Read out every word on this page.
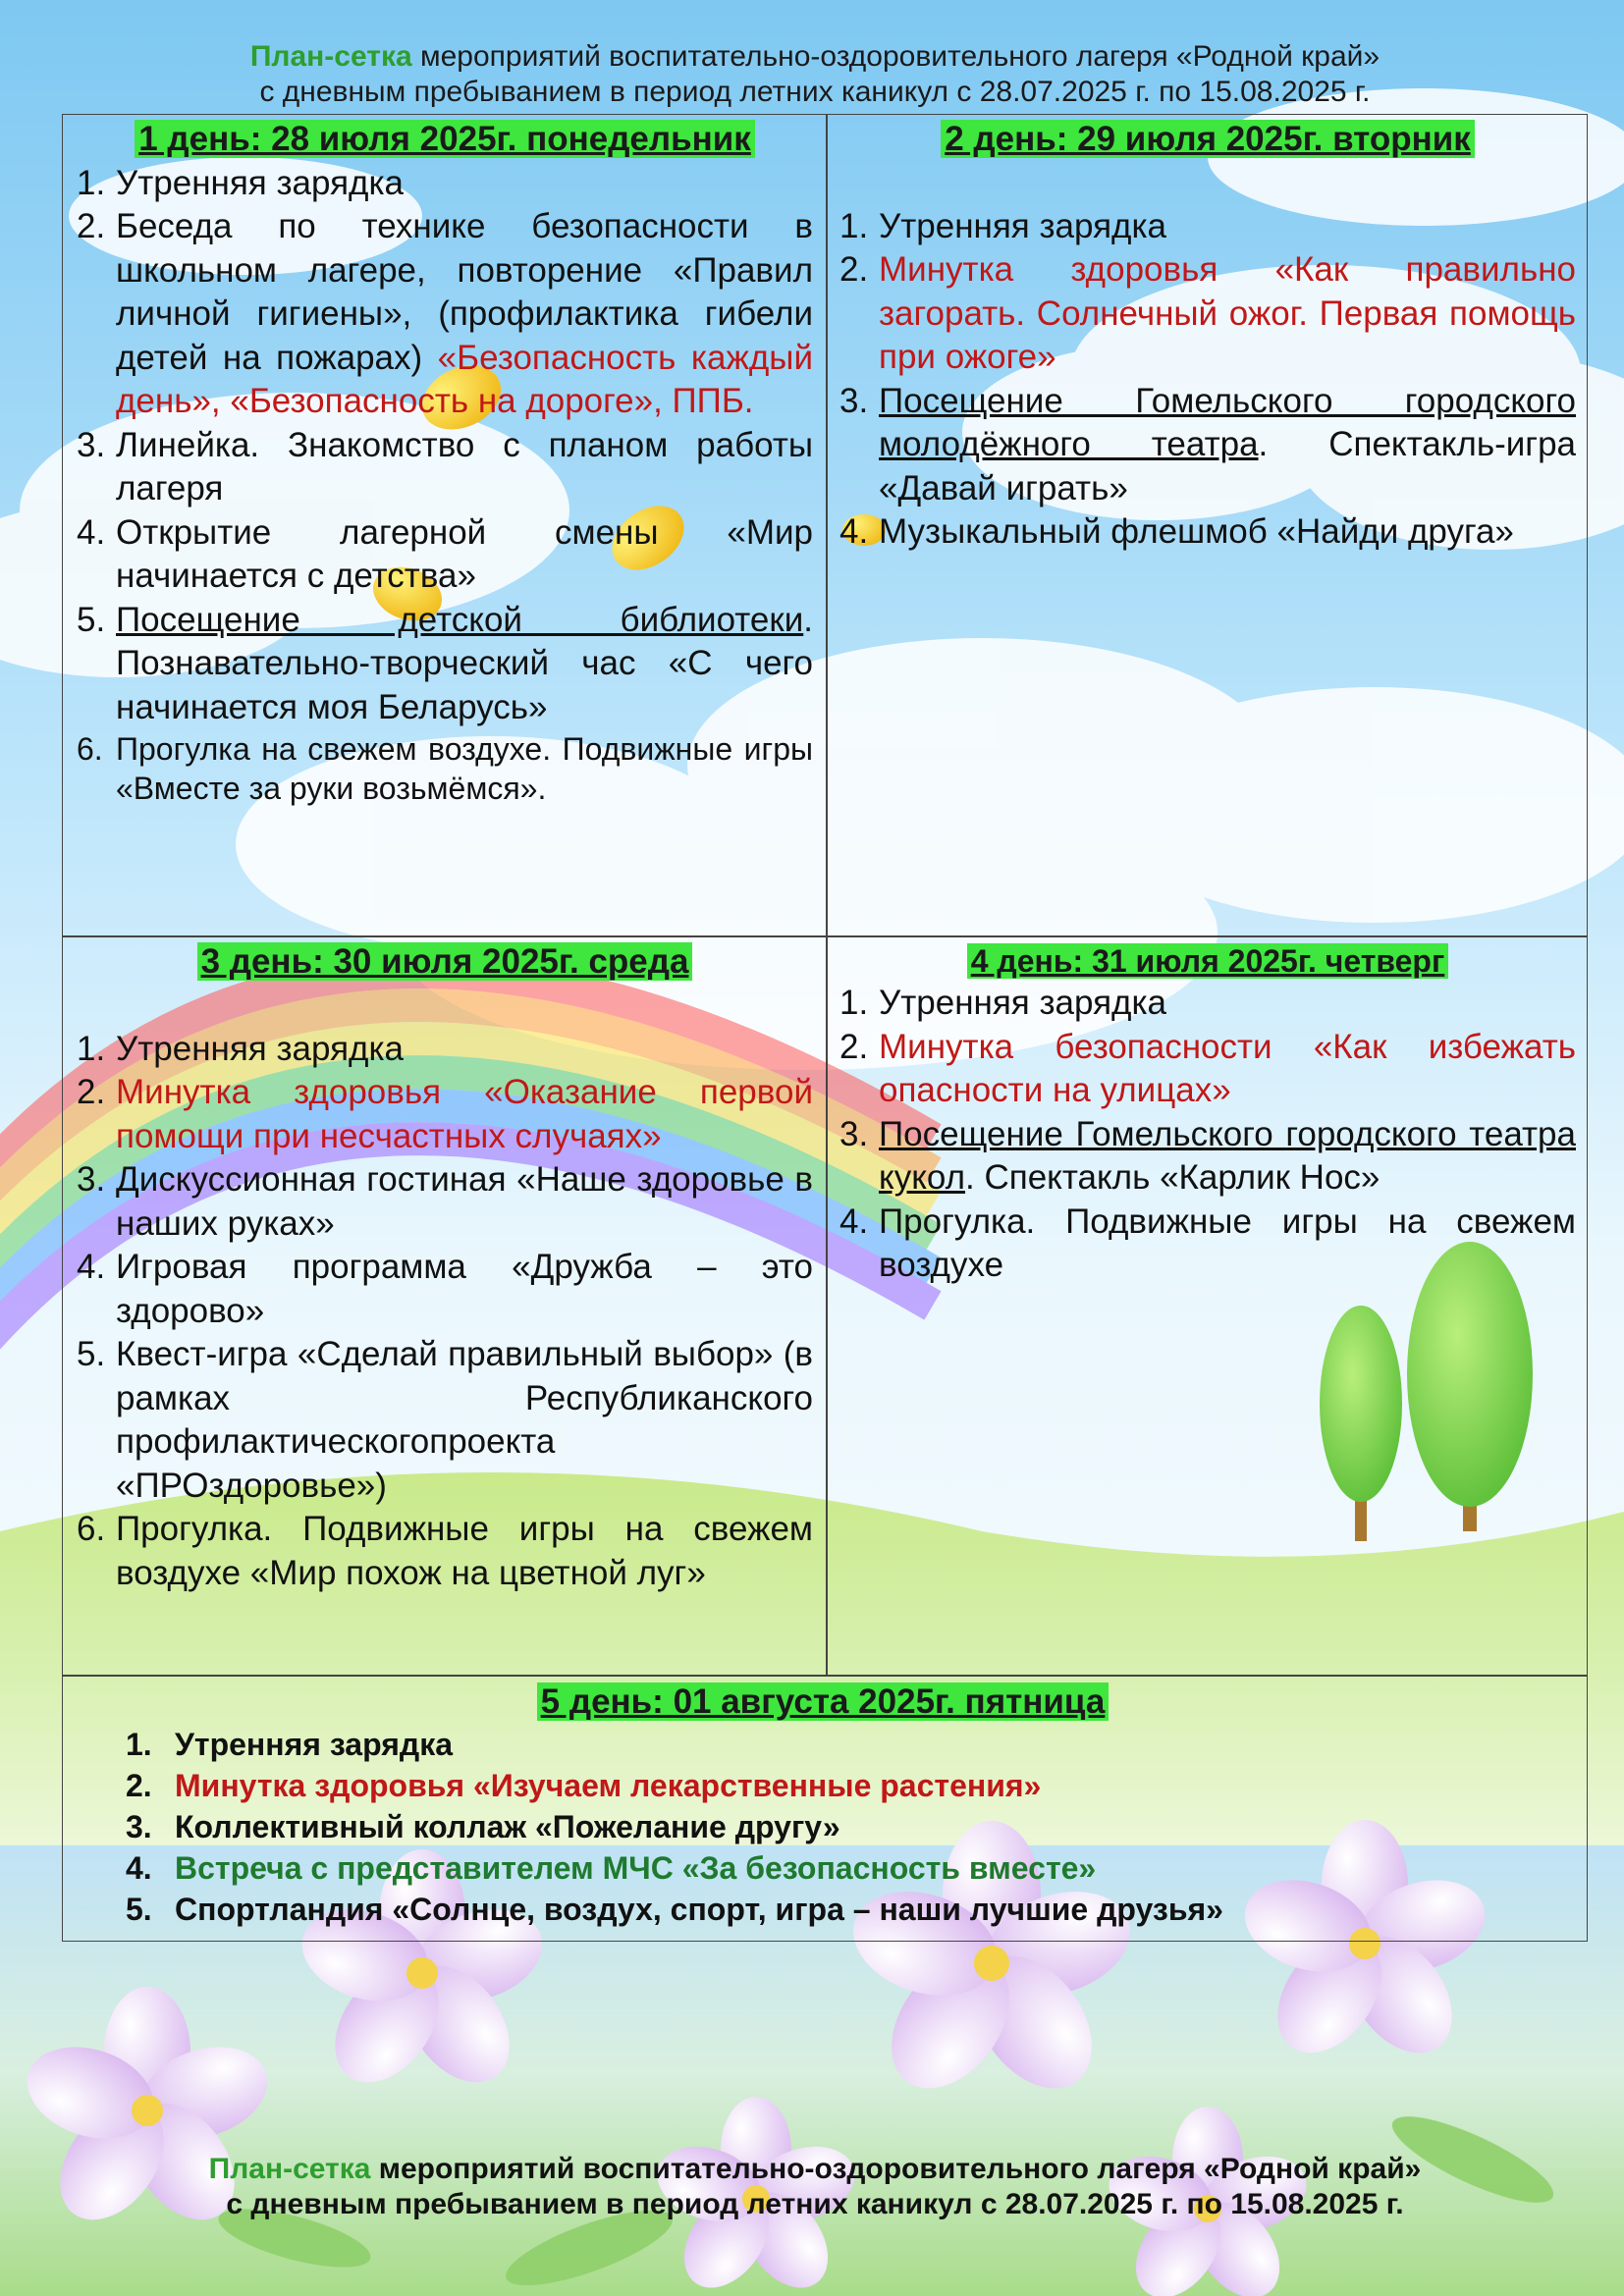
План-сетка мероприятий воспитательно-оздоровительного лагеря «Родной край»
с дневным пребыванием в период летних каникул с 28.07.2025 г. по 15.08.2025 г.
1 день: 28 июля 2025г. понедельник
1. Утренняя зарядка
2. Беседа по технике безопасности в школьном лагере, повторение «Правил личной гигиены», (профилактика гибели детей на пожарах) «Безопасность каждый день», «Безопасность на дороге», ППБ.
3. Линейка. Знакомство с планом работы лагеря
4. Открытие лагерной смены «Мир начинается с детства»
5. Посещение детской библиотеки. Познавательно-творческий час «С чего начинается моя Беларусь»
6. Прогулка на свежем воздухе. Подвижные игры «Вместе за руки возьмёмся».
2 день: 29 июля 2025г. вторник
1. Утренняя зарядка
2. Минутка здоровья «Как правильно загорать. Солнечный ожог. Первая помощь при ожоге»
3. Посещение Гомельского городского молодёжного театра. Спектакль-игра «Давай играть»
4. Музыкальный флешмоб «Найди друга»
3 день: 30 июля 2025г. среда
1. Утренняя зарядка
2. Минутка здоровья «Оказание первой помощи при несчастных случаях»
3. Дискуссионная гостиная «Наше здоровье в наших руках»
4. Игровая программа «Дружба – это здорово»
5. Квест-игра «Сделай правильный выбор» (в рамках Республиканского профилактическогопроекта «ПРОздоровье»)
6. Прогулка. Подвижные игры на свежем воздухе «Мир похож на цветной луг»
4 день: 31 июля 2025г. четверг
1. Утренняя зарядка
2. Минутка безопасности «Как избежать опасности на улицах»
3. Посещение Гомельского городского театра кукол. Спектакль «Карлик Нос»
4. Прогулка. Подвижные игры на свежем воздухе
5 день: 01 августа 2025г. пятница
1. Утренняя зарядка
2. Минутка здоровья «Изучаем лекарственные растения»
3. Коллективный коллаж «Пожелание другу»
4. Встреча с представителем МЧС «За безопасность вместе»
5. Спортландия «Солнце, воздух, спорт, игра – наши лучшие друзья»
План-сетка мероприятий воспитательно-оздоровительного лагеря «Родной край»
с дневным пребыванием в период летних каникул с 28.07.2025 г. по 15.08.2025 г.
